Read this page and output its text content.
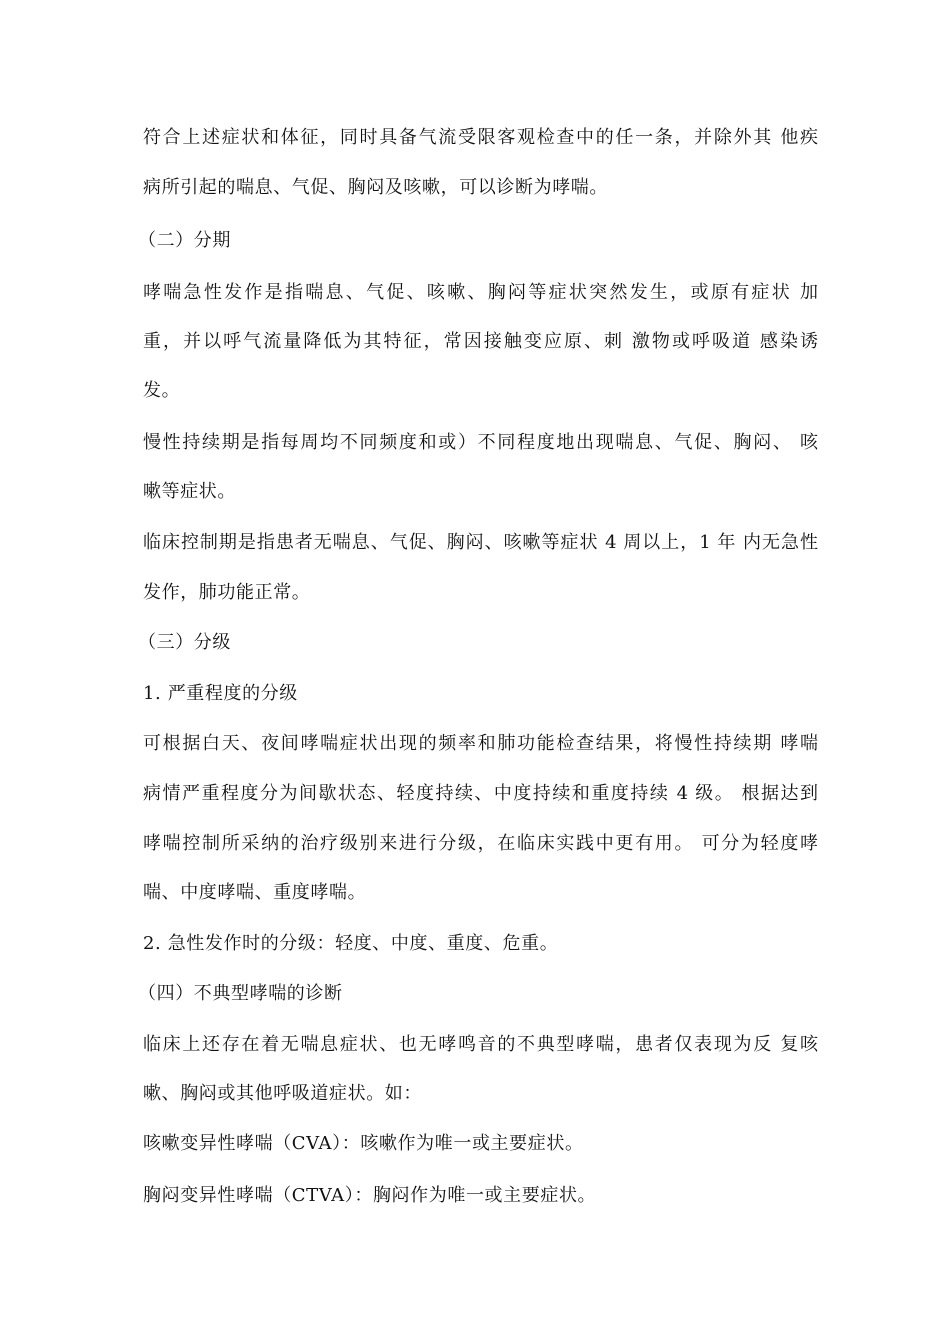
符合上述症状和体征，同时具备气流受限客观检查中的任一条，并除外其 他疾
病所引起的喘息、气促、胸闷及咳嗽，可以诊断为哮喘。
（二）分期
哮喘急性发作是指喘息、气促、咳嗽、胸闷等症状突然发生，或原有症状 加
重，并以呼气流量降低为其特征，常因接触变应原、刺 激物或呼吸道 感染诱
发。
慢性持续期是指每周均不同频度和或）不同程度地出现喘息、气促、胸闷、 咳
嗽等症状。
临床控制期是指患者无喘息、气促、胸闷、咳嗽等症状 4 周以上，1 年 内无急性
发作，肺功能正常。
（三）分级
1. 严重程度的分级
可根据白天、夜间哮喘症状出现的频率和肺功能检查结果，将慢性持续期 哮喘
病情严重程度分为间歇状态、轻度持续、中度持续和重度持续 4 级。 根据达到
哮喘控制所采纳的治疗级别来进行分级，在临床实践中更有用。 可分为轻度哮
喘、中度哮喘、重度哮喘。
2. 急性发作时的分级：轻度、中度、重度、危重。
（四）不典型哮喘的诊断
临床上还存在着无喘息症状、也无哮鸣音的不典型哮喘，患者仅表现为反 复咳
嗽、胸闷或其他呼吸道症状。如：
咳嗽变异性哮喘（CVA）：咳嗽作为唯一或主要症状。
胸闷变异性哮喘（CTVA）：胸闷作为唯一或主要症状。
